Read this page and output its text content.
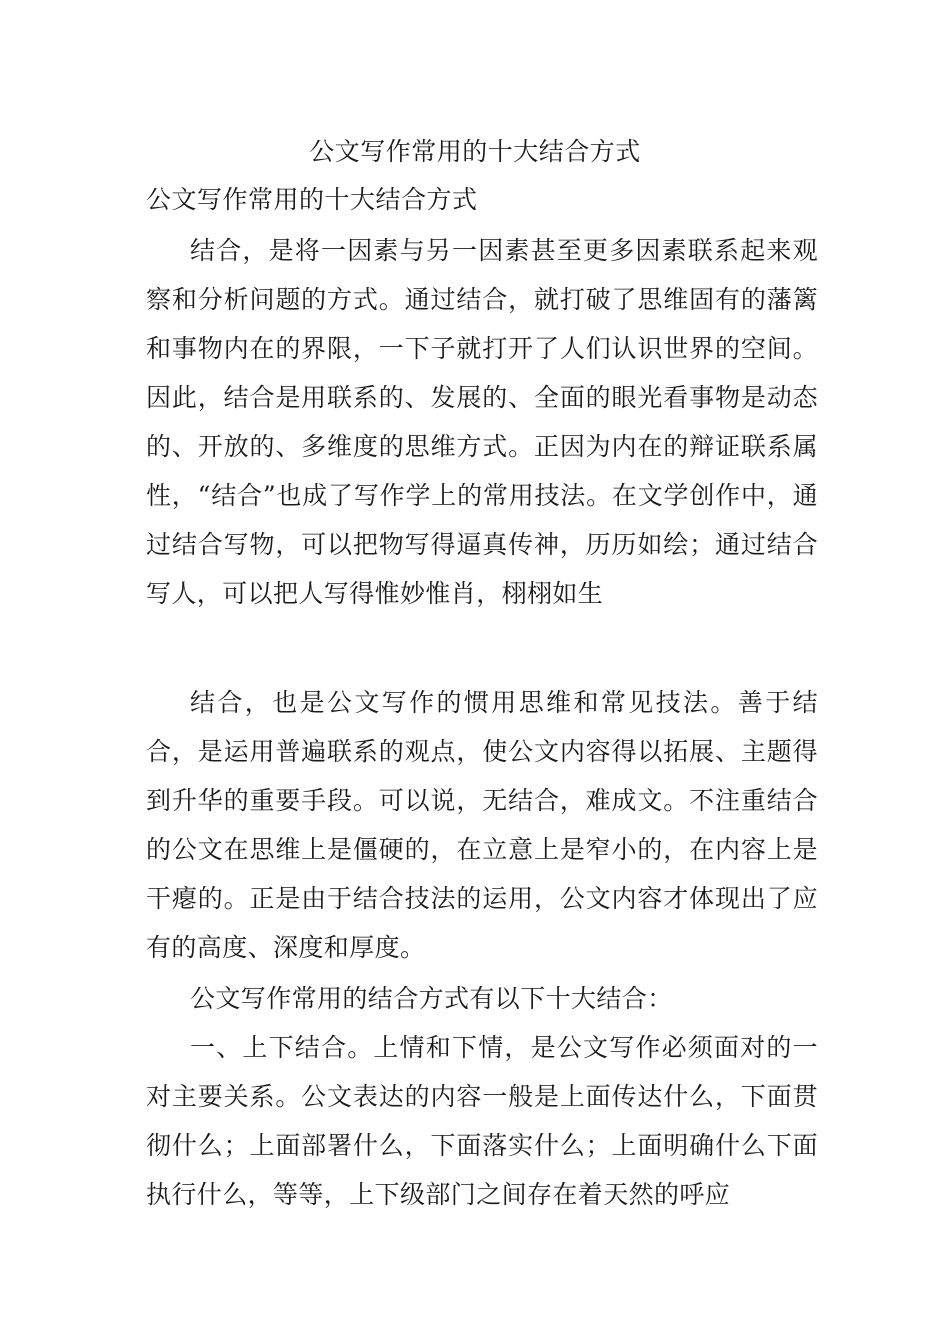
公文写作常用的十大结合方式
公文写作常用的十大结合方式

结合，是将一因素与另一因素甚至更多因素联系起来观察和分析问题的方式。通过结合，就打破了思维固有的藩篱和事物内在的界限，一下子就打开了人们认识世界的空间。因此，结合是用联系的、发展的、全面的眼光看事物是动态的、开放的、多维度的思维方式。正因为内在的辩证联系属性，“结合”也成了写作学上的常用技法。在文学创作中，通过结合写物，可以把物写得逼真传神，历历如绘；通过结合写人，可以把人写得惟妙惟肖，栩栩如生

结合，也是公文写作的惯用思维和常见技法。善于结合，是运用普遍联系的观点，使公文内容得以拓展、主题得到升华的重要手段。可以说，无结合，难成文。不注重结合的公文在思维上是僵硬的，在立意上是窄小的，在内容上是干瘪的。正是由于结合技法的运用，公文内容才体现出了应有的高度、深度和厚度。

公文写作常用的结合方式有以下十大结合：

一、上下结合。上情和下情，是公文写作必须面对的一对主要关系。公文表达的内容一般是上面传达什么，下面贯彻什么；上面部署什么，下面落实什么；上面明确什么下面执行什么，等等，上下级部门之间存在着天然的呼应
